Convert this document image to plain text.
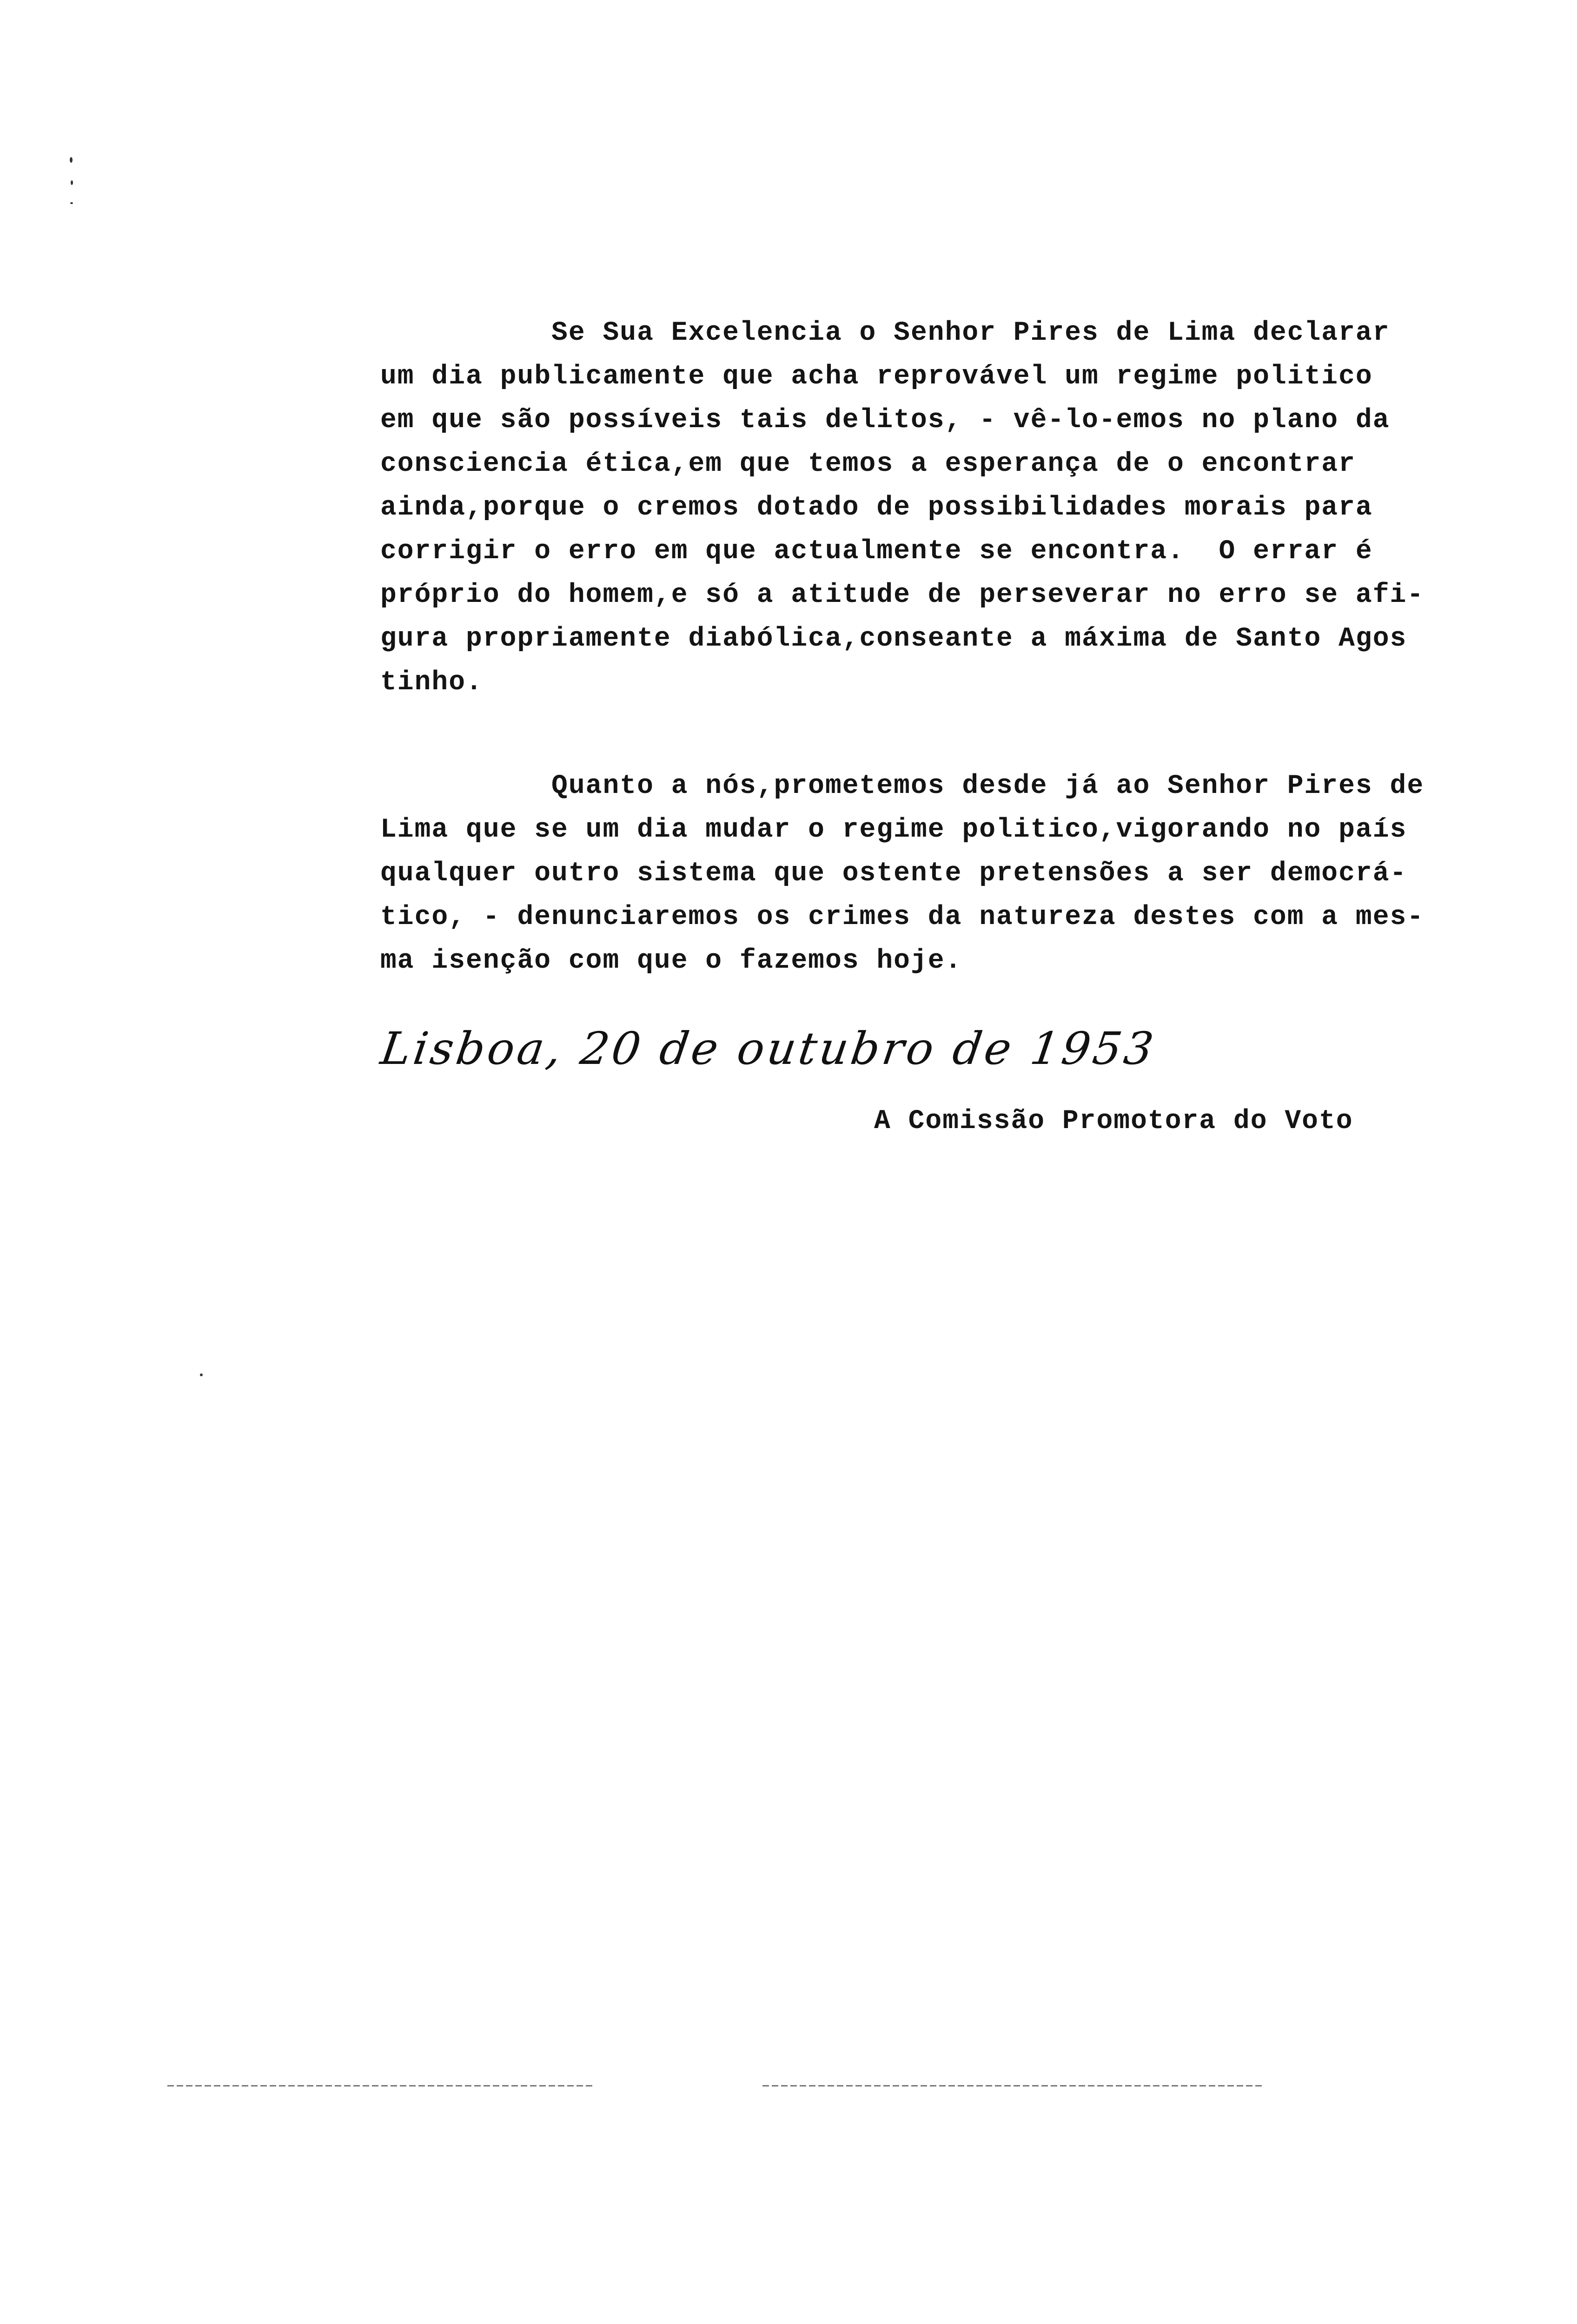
Se Sua Excelencia o Senhor Pires de Lima declarar
um dia publicamente que acha reprovável um regime politico
em que são possíveis tais delitos, - vê-lo-emos no plano da
consciencia ética,em que temos a esperança de o encontrar
ainda,porque o cremos dotado de possibilidades morais para
corrigir o erro em que actualmente se encontra.  O errar é
próprio do homem,e só a atitude de perseverar no erro se afi-
gura propriamente diabólica,conseante a máxima de Santo Agos
tinho.
Quanto a nós,prometemos desde já ao Senhor Pires de
Lima que se um dia mudar o regime politico,vigorando no país
qualquer outro sistema que ostente pretensões a ser democrá-
tico, - denunciaremos os crimes da natureza destes com a mes-
ma isenção com que o fazemos hoje.
Lisboa, 20 de outubro de 1953
A Comissão Promotora do Voto
